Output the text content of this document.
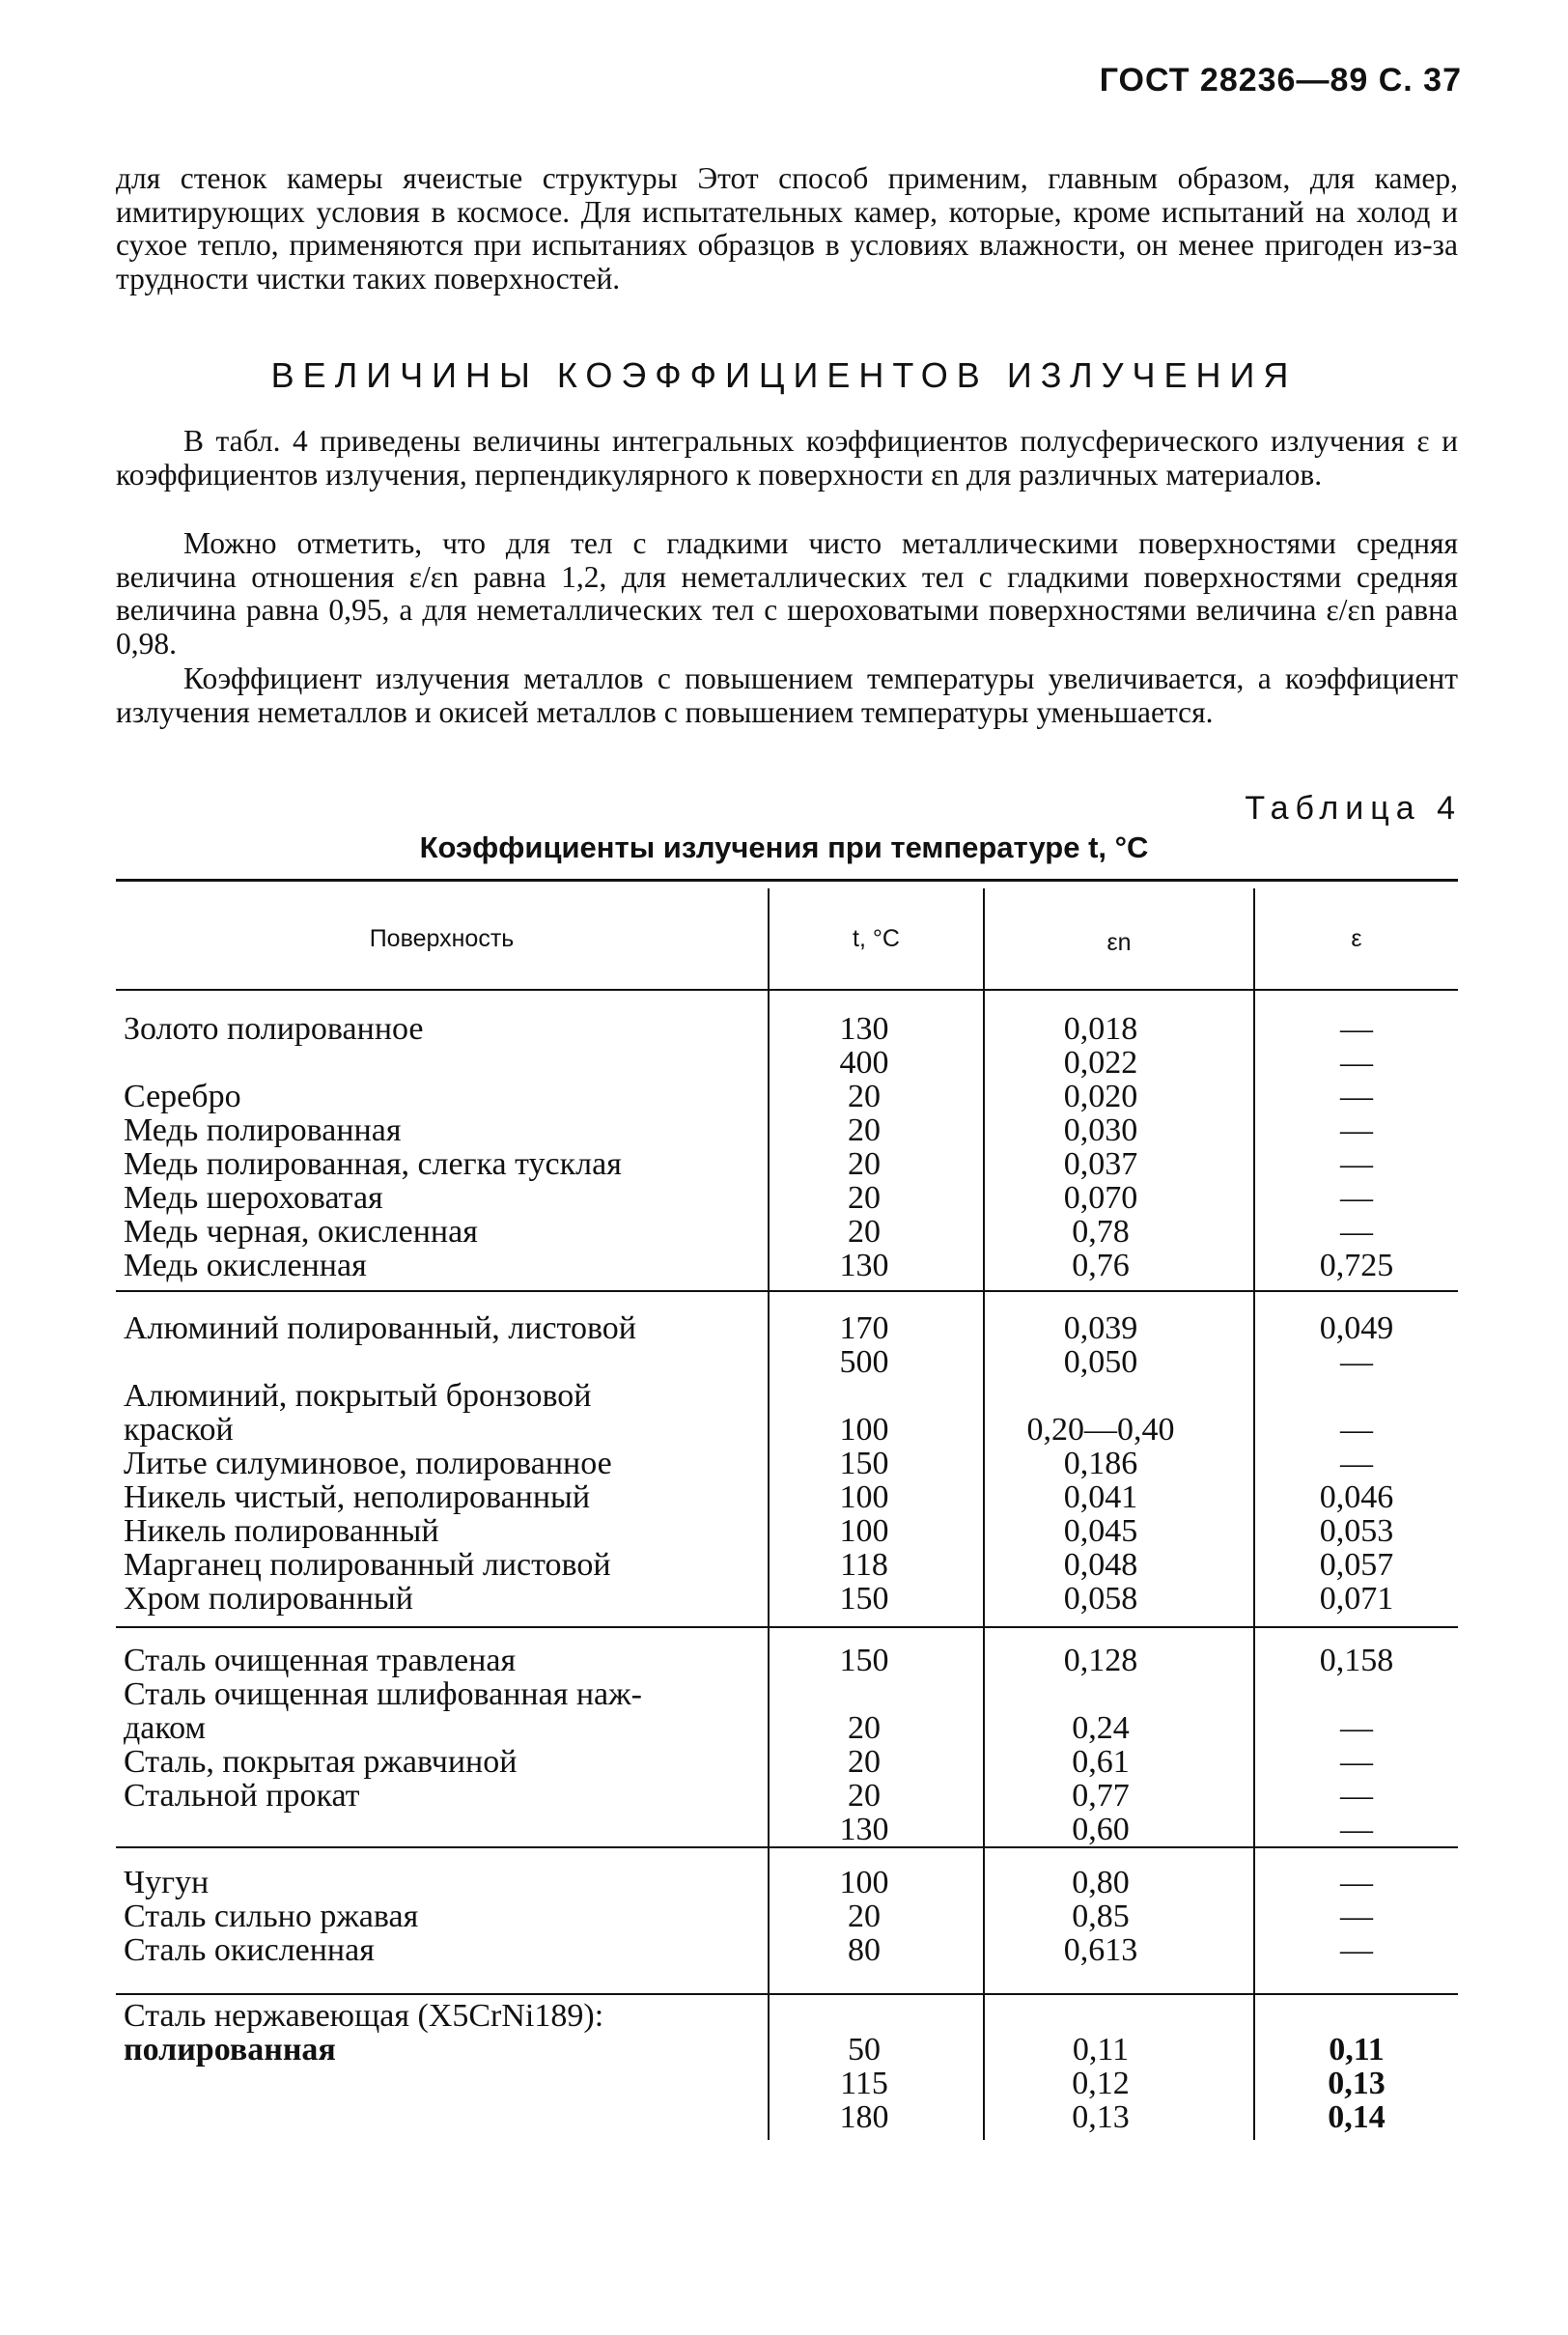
ГОСТ 28236—89 С. 37

для стенок камеры ячеистые структуры Этот способ применим, главным образом, для камер, имитирующих условия в космосе. Для испытательных камер, которые, кроме испытаний на холод и сухое тепло, применяются при испытаниях образцов в условиях влажности, он менее пригоден из-за трудности чистки таких поверхностей.

ВЕЛИЧИНЫ КОЭФФИЦИЕНТОВ ИЗЛУЧЕНИЯ

В табл. 4 приведены величины интегральных коэффициентов полусферического излучения ε и коэффициентов излучения, перпендикулярного к поверхности εn для различных материалов.

Можно отметить, что для тел с гладкими чисто металлическими поверхностями средняя величина отношения ε/εn равна 1,2, для неметаллических тел с гладкими поверхностями средняя величина равна 0,95, а для неметаллических тел с шероховатыми поверхностями величина ε/εn равна 0,98.

Коэффициент излучения металлов с повышением температуры увеличивается, а коэффициент излучения неметаллов и окисей металлов с повышением температуры уменьшается.

Таблица 4
Коэффициенты излучения при температуре t, °С
Поверхность	t, °С	εn	ε
Золото полированное	130	0,018	—
400	0,022	—
Серебро	20	0,020	—
Медь полированная	20	0,030	—
Медь полированная, слегка тусклая	20	0,037	—
Медь шероховатая	20	0,070	—
Медь черная, окисленная	20	0,78	—
Медь окисленная	130	0,76	0,725
Алюминий полированный, листовой	170	0,039	0,049
500	0,050	—
Алюминий, покрытый бронзовой
краской	100	0,20—0,40	—
Литье силуминовое, полированное	150	0,186	—
Никель чистый, неполированный	100	0,041	0,046
Никель полированный	100	0,045	0,053
Марганец полированный листовой	118	0,048	0,057
Хром полированный	150	0,058	0,071
Сталь очищенная травленая	150	0,128	0,158
Сталь очищенная шлифованная наж-
даком	20	0,24	—
Сталь, покрытая ржавчиной	20	0,61	—
Стальной прокат	20	0,77	—
130	0,60	—
Чугун	100	0,80	—
Сталь сильно ржавая	20	0,85	—
Сталь окисленная	80	0,613	—
Сталь нержавеющая (X5CrNi189):
полированная	50	0,11	0,11
115	0,12	0,13
180	0,13	0,14
